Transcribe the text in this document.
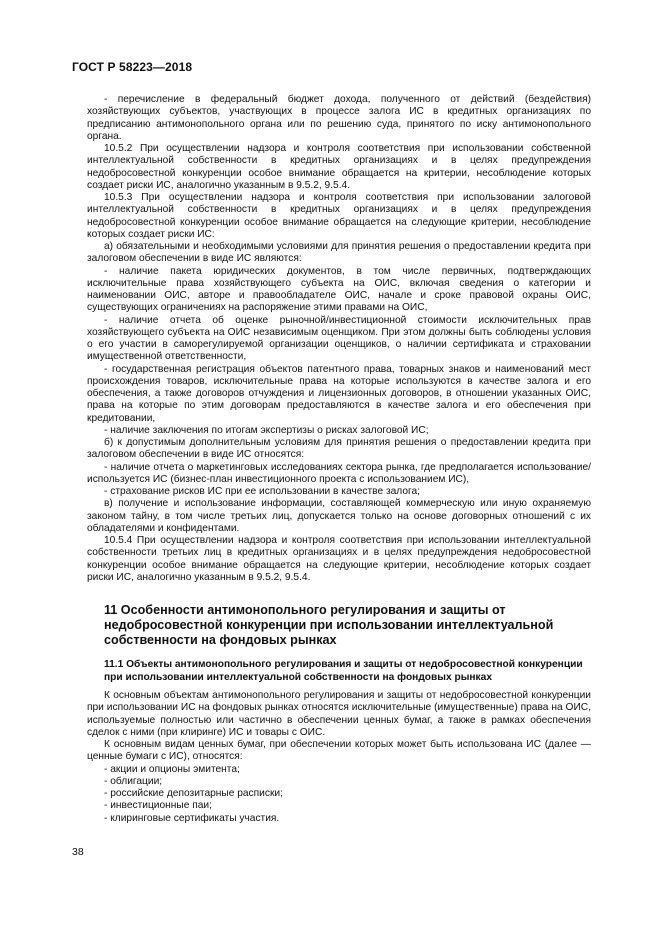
ГОСТ Р 58223—2018

- перечисление в федеральный бюджет дохода, полученного от действий (бездействия) хозяйствующих субъектов, участвующих в процессе залога ИС в кредитных организациях по предписанию антимонопольного органа или по решению суда, принятого по иску антимонопольного органа.

10.5.2 При осуществлении надзора и контроля соответствия при использовании собственной интеллектуальной собственности в кредитных организациях и в целях предупреждения недобросовестной конкуренции особое внимание обращается на критерии, несоблюдение которых создает риски ИС, аналогично указанным в 9.5.2, 9.5.4.

10.5.3 При осуществлении надзора и контроля соответствия при использовании залоговой интеллектуальной собственности в кредитных организациях и в целях предупреждения недобросовестной конкуренции особое внимание обращается на следующие критерии, несоблюдение которых создает риски ИС:

а) обязательными и необходимыми условиями для принятия решения о предоставлении кредита при залоговом обеспечении в виде ИС являются:

- наличие пакета юридических документов, в том числе первичных, подтверждающих исключительные права хозяйствующего субъекта на ОИС, включая сведения о категории и наименовании ОИС, авторе и правообладателе ОИС, начале и сроке правовой охраны ОИС, существующих ограничениях на распоряжение этими правами на ОИС,

- наличие отчета об оценке рыночной/инвестиционной стоимости исключительных прав хозяйствующего субъекта на ОИС независимым оценщиком. При этом должны быть соблюдены условия о его участии в саморегулируемой организации оценщиков, о наличии сертификата и страховании имущественной ответственности,

- государственная регистрация объектов патентного права, товарных знаков и наименований мест происхождения товаров, исключительные права на которые используются в качестве залога и его обеспечения, а также договоров отчуждения и лицензионных договоров, в отношении указанных ОИС, права на которые по этим договорам предоставляются в качестве залога и его обеспечения при кредитовании,

- наличие заключения по итогам экспертизы о рисках залоговой ИС;

б) к допустимым дополнительным условиям для принятия решения о предоставлении кредита при залоговом обеспечении в виде ИС относятся:

- наличие отчета о маркетинговых исследованиях сектора рынка, где предполагается использование/используется ИС (бизнес-план инвестиционного проекта с использованием ИС),

- страхование рисков ИС при ее использовании в качестве залога;

в) получение и использование информации, составляющей коммерческую или иную охраняемую законом тайну, в том числе третьих лиц, допускается только на основе договорных отношений с их обладателями и конфидентами.

10.5.4 При осуществлении надзора и контроля соответствия при использовании интеллектуальной собственности третьих лиц в кредитных организациях и в целях предупреждения недобросовестной конкуренции особое внимание обращается на следующие критерии, несоблюдение которых создает риски ИС, аналогично указанным в 9.5.2, 9.5.4.

11 Особенности антимонопольного регулирования и защиты от недобросовестной конкуренции при использовании интеллектуальной собственности на фондовых рынках
11.1 Объекты антимонопольного регулирования и защиты от недобросовестной конкуренции при использовании интеллектуальной собственности на фондовых рынках

К основным объектам антимонопольного регулирования и защиты от недобросовестной конкуренции при использовании ИС на фондовых рынках относятся исключительные (имущественные) права на ОИС, используемые полностью или частично в обеспечении ценных бумаг, а также в рамках обеспечения сделок с ними (при клиринге) ИС и товары с ОИС.

К основным видам ценных бумаг, при обеспечении которых может быть использована ИС (далее — ценные бумаги с ИС), относятся:

- акции и опционы эмитента;

- облигации;

- российские депозитарные расписки;

- инвестиционные паи;

- клиринговые сертификаты участия.

38
